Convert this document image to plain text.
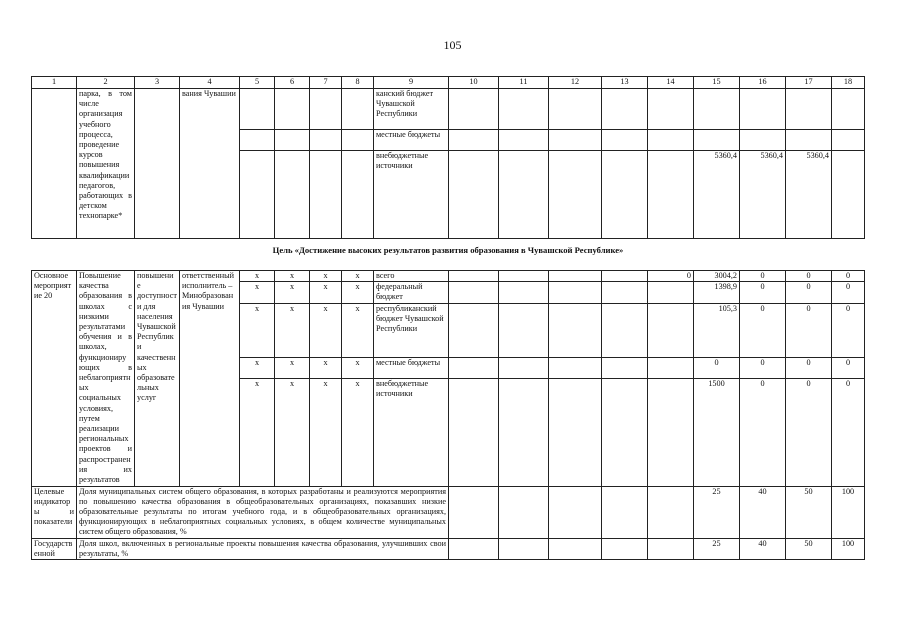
105
1	2	3	4	5	6	7	8	9	10	11	12	13	14	15	16	17	18
	парка, в том числе организация учебного процесса, проведение курсов повышения квалификации педагогов, работающих в детском технопарке*		вания Чувашии					канский бюджет Чувашской Республики									
								местные бюджеты									
								внебюджетные источники						5360,4	5360,4	5360,4	
Цель «Достижение высоких результатов развития образования в Чувашской Республике»																	
Основное мероприятие 20	Повышение качества образования в школах с низкими результатами обучения и в школах, функционирующих в неблагоприятных социальных условиях, путем реализации региональных проектов и распространения их результатов	повышение доступности для населения Чувашской Республики качественных образовательных услуг	ответственный исполнитель – Минобразования Чувашии	х	х	х	х	всего					0	3004,2	0	0	0
				х	х	х	х	федеральный бюджет						1398,9	0	0	0
				х	х	х	х	республиканский бюджет Чувашской Республики						105,3	0	0	0
				х	х	х	х	местные бюджеты						0	0	0	0
				х	х	х	х	внебюджетные источники						1500	0	0	0
Целевые индикаторы и показатели	Доля муниципальных систем общего образования, в которых разработаны и реализуются мероприятия по повышению качества образования в общеобразовательных организациях, показавших низкие образовательные результаты по итогам учебного года, и в общеобразовательных организациях, функционирующих в неблагоприятных социальных условиях, в общем количестве муниципальных систем общего образования, %													25	40	50	100
Государственной	Доля школ, включенных в региональные проекты повышения качества образования, улучшивших свои результаты, %													25	40	50	100
